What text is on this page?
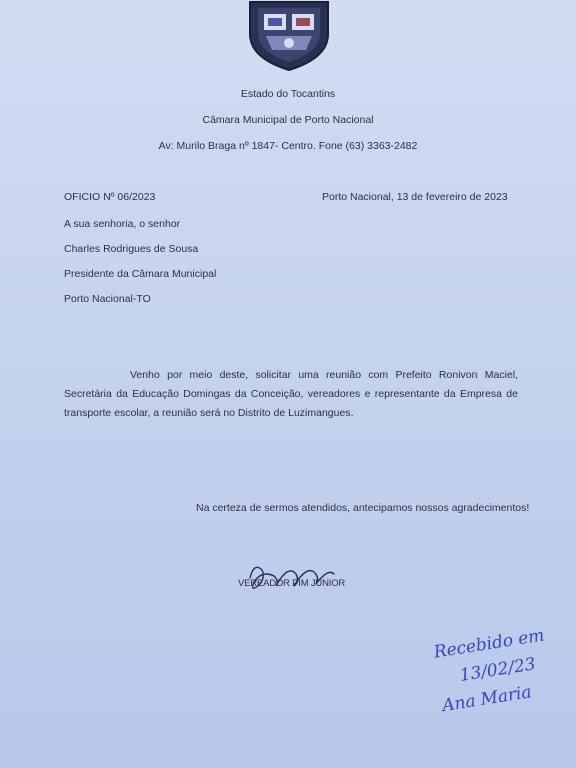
Estado do Tocantins
Câmara Municipal de Porto Nacional
Av: Murilo Braga nº 1847- Centro. Fone (63) 3363-2482
OFICIO Nº 06/2023	Porto Nacional, 13 de fevereiro de 2023
A sua senhoria, o senhor
Charles Rodrigues de Sousa
Presidente da Câmara Municipal
Porto Nacional-TO
Venho por meio deste, solicitar uma reunião com Prefeito Ronivon Maciel, Secretária da Educação Domingas da Conceição, vereadores e representante da Empresa de transporte escolar, a reunião será no Distrito de Luzimangues.
Na certeza de sermos atendidos, antecipamos nossos agradecimentos!
VEREADOR PIM JUNIOR
Recebido em
13/02/23
Ana Maria
